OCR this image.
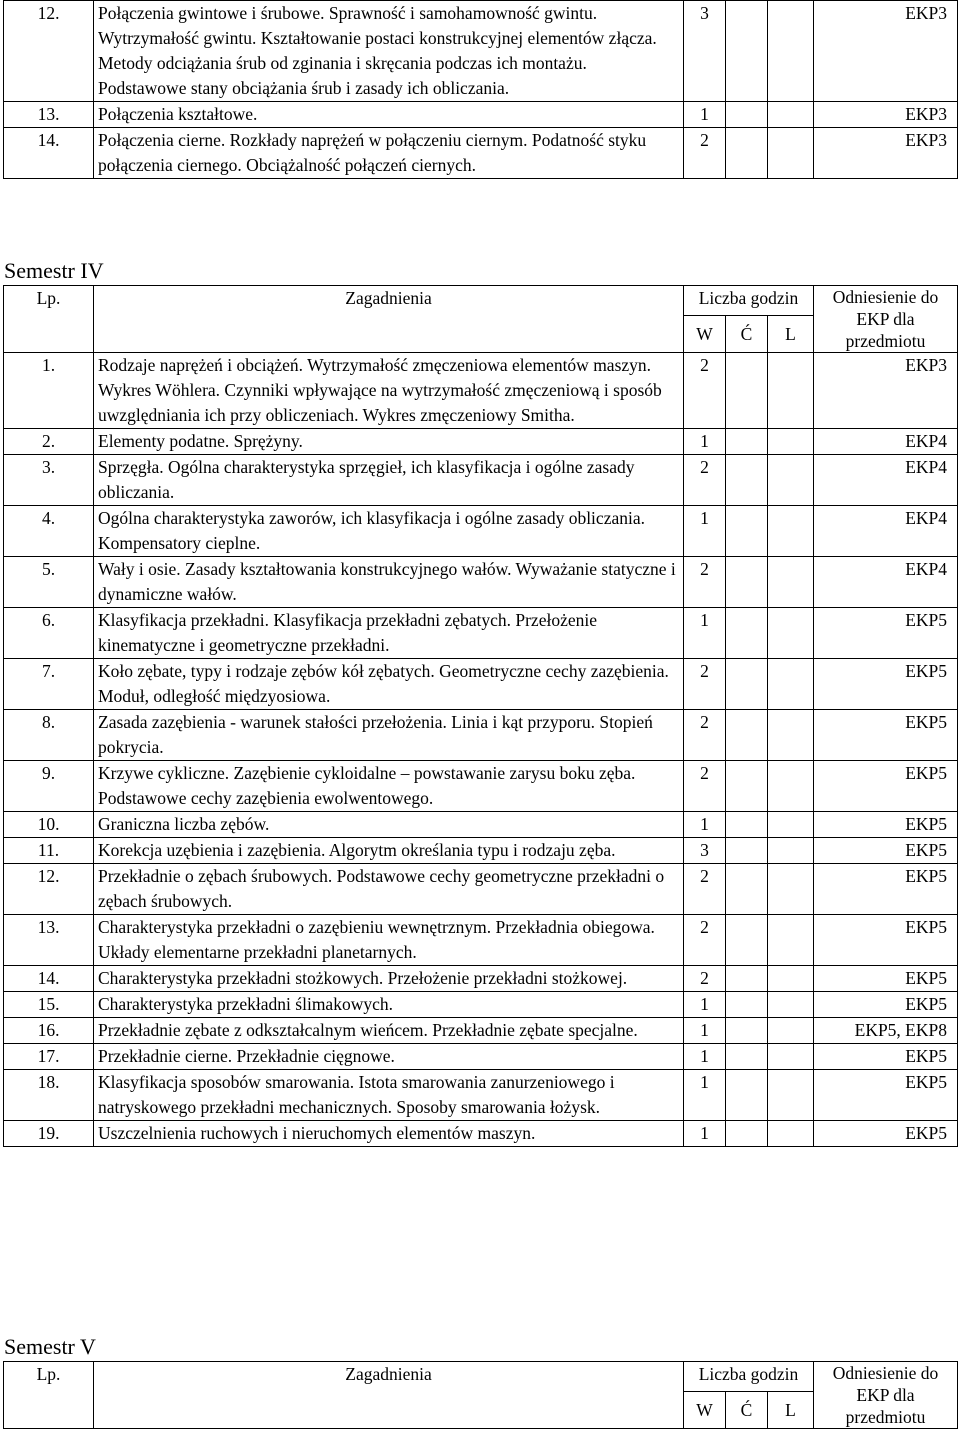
12.	Połączenia gwintowe i śrubowe. Sprawność i samohamowność gwintu. Wytrzymałość gwintu. Kształtowanie postaci konstrukcyjnej elementów złącza. Metody odciążania śrub od zginania i skręcania podczas ich montażu. Podstawowe stany obciążania śrub i zasady ich obliczania.	3			EKP3
13.	Połączenia kształtowe.	1			EKP3
14.	Połączenia cierne. Rozkłady naprężeń w połączeniu ciernym. Podatność styku połączenia ciernego. Obciążalność połączeń ciernych.	2			EKP3
Semestr IV
Lp.	Zagadnienia	Liczba godzin			Odniesienie do EKP dla przedmiotu
		W	Ć	L	
1.	Rodzaje naprężeń i obciążeń. Wytrzymałość zmęczeniowa elementów maszyn. Wykres Wöhlera. Czynniki wpływające na wytrzymałość zmęczeniową i sposób uwzględniania ich przy obliczeniach. Wykres zmęczeniowy Smitha.	2			EKP3
2.	Elementy podatne. Sprężyny.	1			EKP4
3.	Sprzęgła. Ogólna charakterystyka sprzęgieł, ich klasyfikacja i ogólne zasady obliczania.	2			EKP4
4.	Ogólna charakterystyka zaworów, ich klasyfikacja i ogólne zasady obliczania. Kompensatory cieplne.	1			EKP4
5.	Wały i osie. Zasady kształtowania konstrukcyjnego wałów. Wyważanie statyczne i dynamiczne wałów.	2			EKP4
6.	Klasyfikacja przekładni. Klasyfikacja przekładni zębatych. Przełożenie kinematyczne i geometryczne przekładni.	1			EKP5
7.	Koło zębate, typy i rodzaje zębów kół zębatych. Geometryczne cechy zazębienia. Moduł, odległość międzyosiowa.	2			EKP5
8.	Zasada zazębienia - warunek stałości przełożenia. Linia i kąt przyporu. Stopień pokrycia.	2			EKP5
9.	Krzywe cykliczne. Zazębienie cykloidalne – powstawanie zarysu boku zęba. Podstawowe cechy zazębienia ewolwentowego.	2			EKP5
10.	Graniczna liczba zębów.	1			EKP5
11.	Korekcja uzębienia i zazębienia. Algorytm określania typu i rodzaju zęba.	3			EKP5
12.	Przekładnie o zębach śrubowych. Podstawowe cechy geometryczne przekładni o zębach śrubowych.	2			EKP5
13.	Charakterystyka przekładni o zazębieniu wewnętrznym. Przekładnia obiegowa. Układy elementarne przekładni planetarnych.	2			EKP5
14.	Charakterystyka przekładni stożkowych. Przełożenie przekładni stożkowej.	2			EKP5
15.	Charakterystyka przekładni ślimakowych.	1			EKP5
16.	Przekładnie zębate z odkształcalnym wieńcem. Przekładnie zębate specjalne.	1			EKP5, EKP8
17.	Przekładnie cierne. Przekładnie cięgnowe.	1			EKP5
18.	Klasyfikacja sposobów smarowania. Istota smarowania zanurzeniowego i natryskowego przekładni mechanicznych. Sposoby smarowania łożysk.	1			EKP5
19.	Uszczelnienia ruchowych i nieruchomych elementów maszyn.	1			EKP5
Semestr V
Lp.	Zagadnienia	Liczba godzin			Odniesienie do EKP dla przedmiotu
		W	Ć	L	
